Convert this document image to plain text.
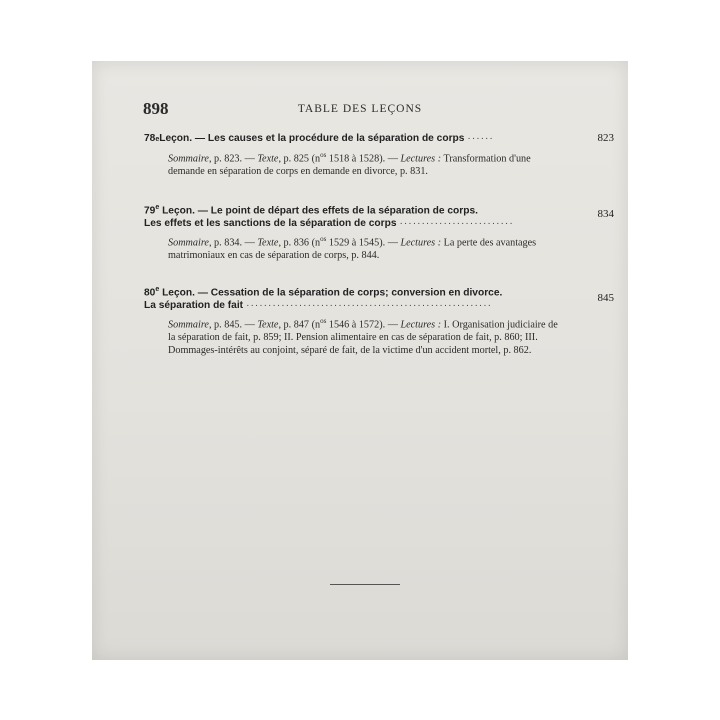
898	TABLE DES LEÇONS
78 e Leçon. — Les causes et la procédure de la séparation de corps ······	823
Sommaire, p. 823. — Texte, p. 825 ($n^{os}$ 1518 à 1528). — Lectures : Transformation d'une demande en séparation de corps en demande en divorce, p. 831.
79e Leçon. — Le point de départ des effets de la séparation de corps.
Les effets et les sanctions de la séparation de corps ··························
834
Sommaire, p. 834. — Texte, p. 836 ($n^{os}$ 1529 à 1545). — Lectures : La perte des avantages matrimoniaux en cas de séparation de corps, p. 844.
80e Leçon. — Cessation de la séparation de corps; conversion en divorce.
La séparation de fait ························································
845
Sommaire, p. 845. — Texte, p. 847 ($n^{os}$ 1546 à 1572). — Lectures : I. Organisation judiciaire de la séparation de fait, p. 859; II. Pension alimentaire en cas de séparation de fait, p. 860; III. Dommages-intérêts au conjoint, séparé de fait, de la victime d'un accident mortel, p. 862.
